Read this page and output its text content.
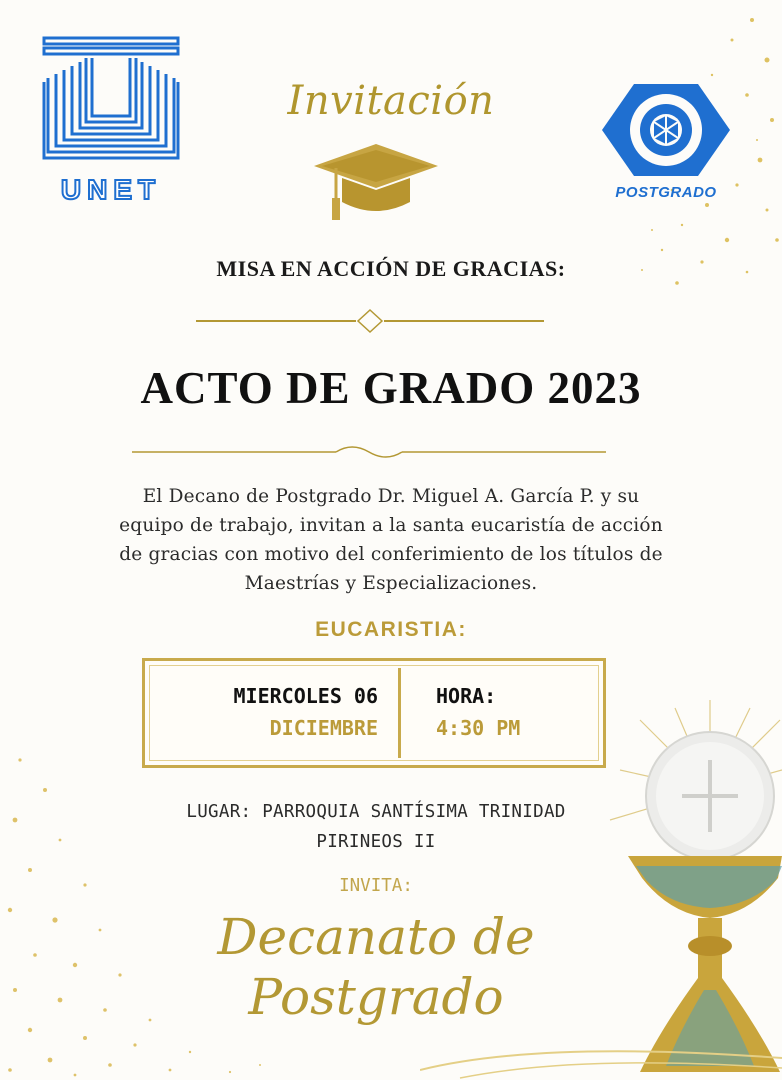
UNET	POSTGRADO
Invitación
MISA EN ACCIÓN DE GRACIAS:
ACTO DE GRADO 2023
El Decano de Postgrado Dr. Miguel A. García P. y su
equipo de trabajo, invitan a la santa eucaristía de acción
de gracias con motivo del conferimiento de los títulos de
Maestrías y Especializaciones.
EUCARISTIA:
MIERCOLES 06
DICIEMBRE
HORA:
4:30 PM
LUGAR: PARROQUIA SANTÍSIMA TRINIDAD
PIRINEOS II
INVITA:
Decanato de
Postgrado
